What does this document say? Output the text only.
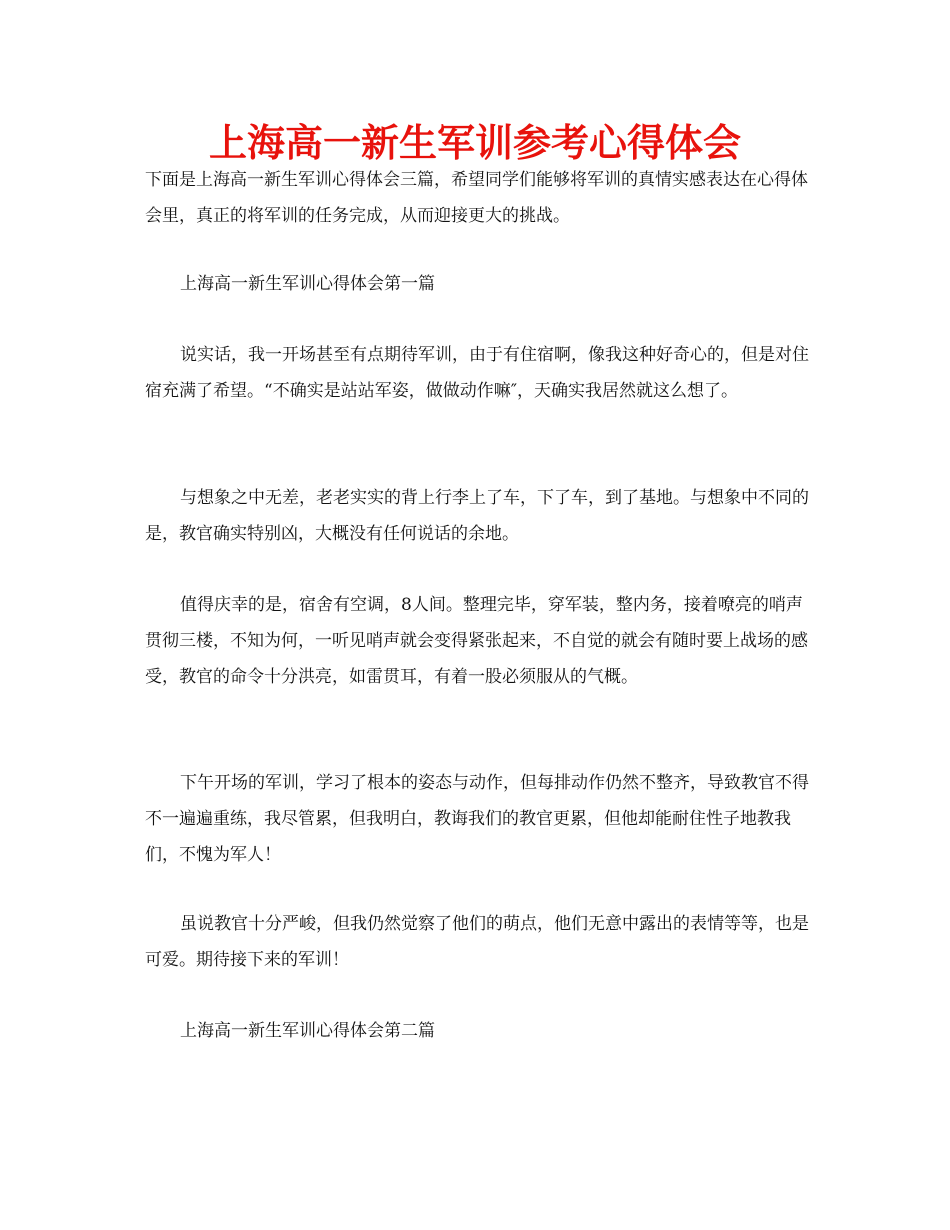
上海高一新生军训参考心得体会

下面是上海高一新生军训心得体会三篇，希望同学们能够将军训的真情实感表达在心得体会里，真正的将军训的任务完成，从而迎接更大的挑战。

上海高一新生军训心得体会第一篇

说实话，我一开场甚至有点期待军训，由于有住宿啊，像我这种好奇心的，但是对住宿充满了希望。“不确实是站站军姿，做做动作嘛″，天确实我居然就这么想了。

与想象之中无差，老老实实的背上行李上了车，下了车，到了基地。与想象中不同的是，教官确实特别凶，大概没有任何说话的余地。

值得庆幸的是，宿舍有空调，8人间。整理完毕，穿军装，整内务，接着嘹亮的哨声贯彻三楼，不知为何，一听见哨声就会变得紧张起来，不自觉的就会有随时要上战场的感受，教官的命令十分洪亮，如雷贯耳，有着一股必须服从的气概。

下午开场的军训，学习了根本的姿态与动作，但每排动作仍然不整齐，导致教官不得不一遍遍重练，我尽管累，但我明白，教诲我们的教官更累，但他却能耐住性子地教我们，不愧为军人！

虽说教官十分严峻，但我仍然觉察了他们的萌点，他们无意中露出的表情等等，也是可爱。期待接下来的军训！

上海高一新生军训心得体会第二篇
